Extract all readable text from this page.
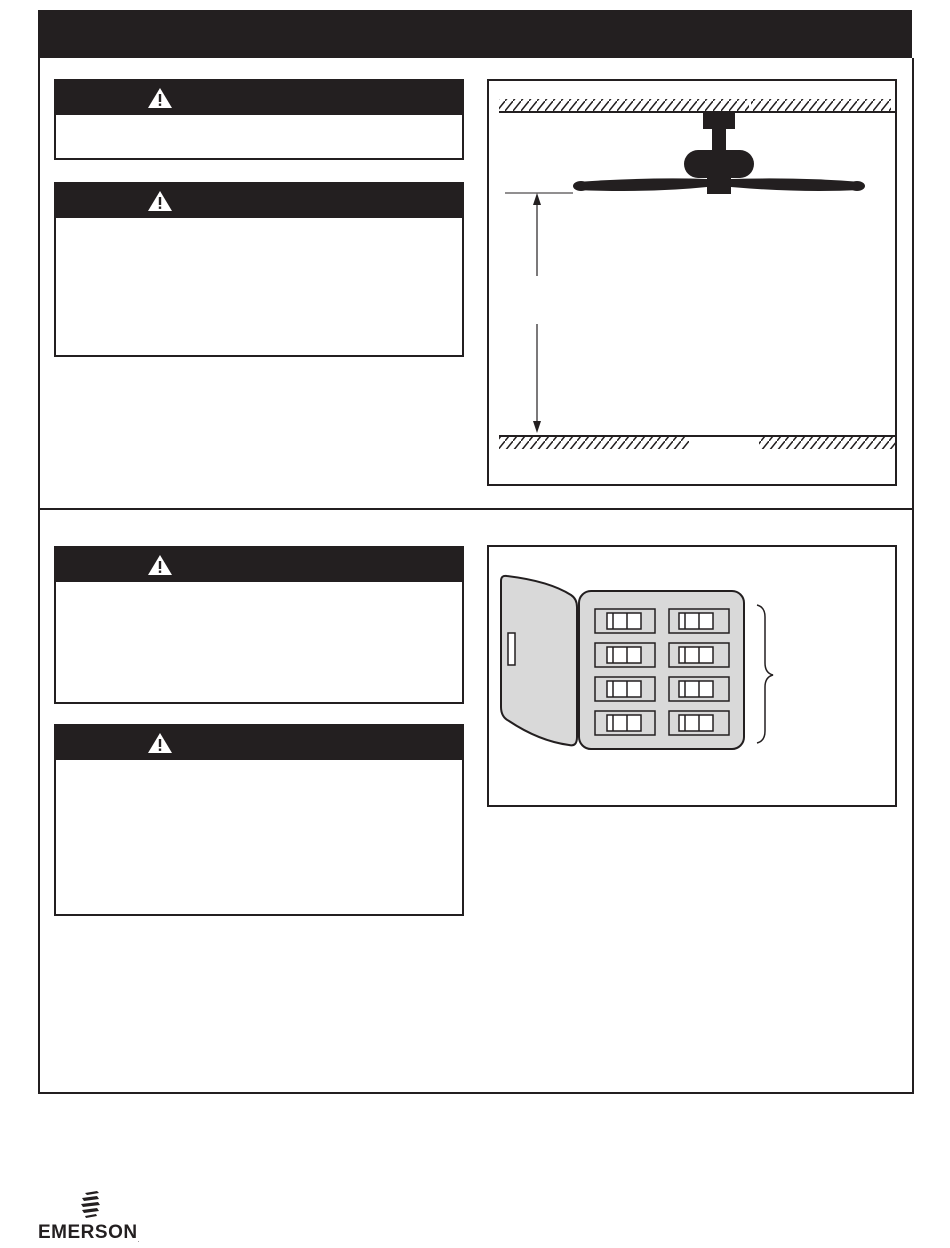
EMERSON.
